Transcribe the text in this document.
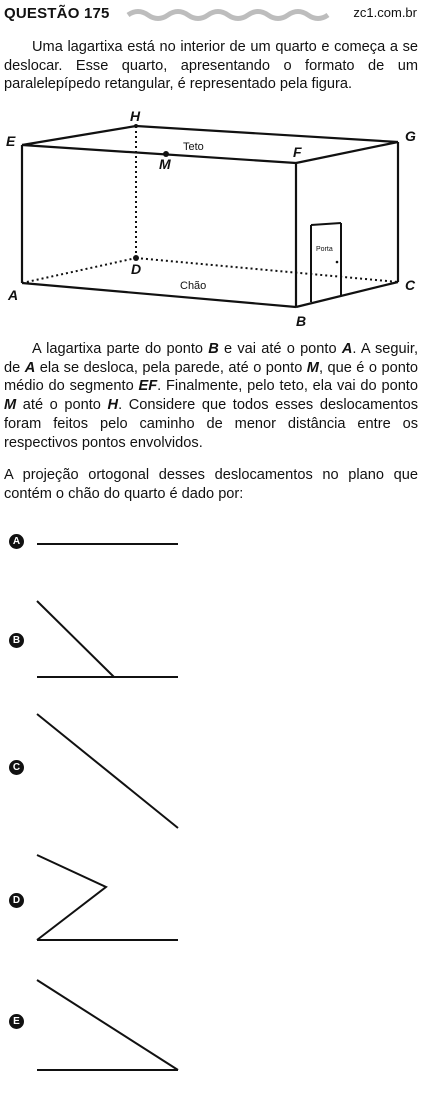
QUESTÃO 175	zc1.com.br

Uma lagartixa está no interior de um quarto e começa a se deslocar. Esse quarto, apresentando o formato de um paralelepípedo retangular, é representado pela figura.

E
H
G
F
M
D
A
B
C
Teto
Chão
Porta

A lagartixa parte do ponto B e vai até o ponto A. A seguir, de A ela se desloca, pela parede, até o ponto M, que é o ponto médio do segmento EF. Finalmente, pelo teto, ela vai do ponto M até o ponto H. Considere que todos esses deslocamentos foram feitos pelo caminho de menor distância entre os respectivos pontos envolvidos.

A projeção ortogonal desses deslocamentos no plano que contém o chão do quarto é dado por:

A
B
C
D
E
